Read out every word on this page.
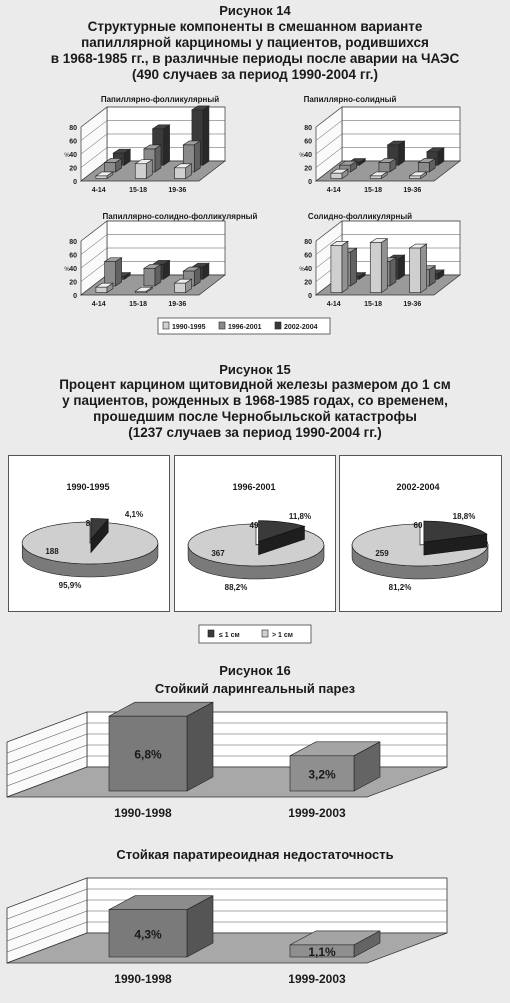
Рисунок 14
Структурные компоненты в смешанном варианте
папиллярной карциномы у пациентов, родившихся
в 1968-1985 гг., в различные периоды после аварии на ЧАЭС
(490 случаев за период 1990-2004 гг.)
Папиллярно-фолликулярный
0
20
40
60
80
%
4-14	15-18	19-36
Папиллярно-солидный
0
20
40
60
80
%
4-14	15-18	19-36
Папиллярно-солидно-фолликулярный
0
20
40
60
80
%
4-14	15-18	19-36
Солидно-фолликулярный
0
20
40
60
80
%
4-14	15-18	19-36
1990-1995	1996-2001	2002-2004
Рисунок 15
Процент карцином щитовидной железы размером до 1 см
у пациентов, рожденных в 1968-1985 годах, со временем,
прошедшим после Чернобыльской катастрофы
(1237 случаев за период 1990-2004 гг.)
1990-1995
4,1%
8
188
95,9%
1996-2001
11,8%
49
367
88,2%
2002-2004
18,8%
60
259
81,2%
≤ 1 см	> 1 см
Рисунок 16
Стойкий ларингеальный парез
6,8%
3,2%
1990-1998	1999-2003
Стойкая паратиреоидная недостаточность
4,3%
1,1%
1990-1998	1999-2003
